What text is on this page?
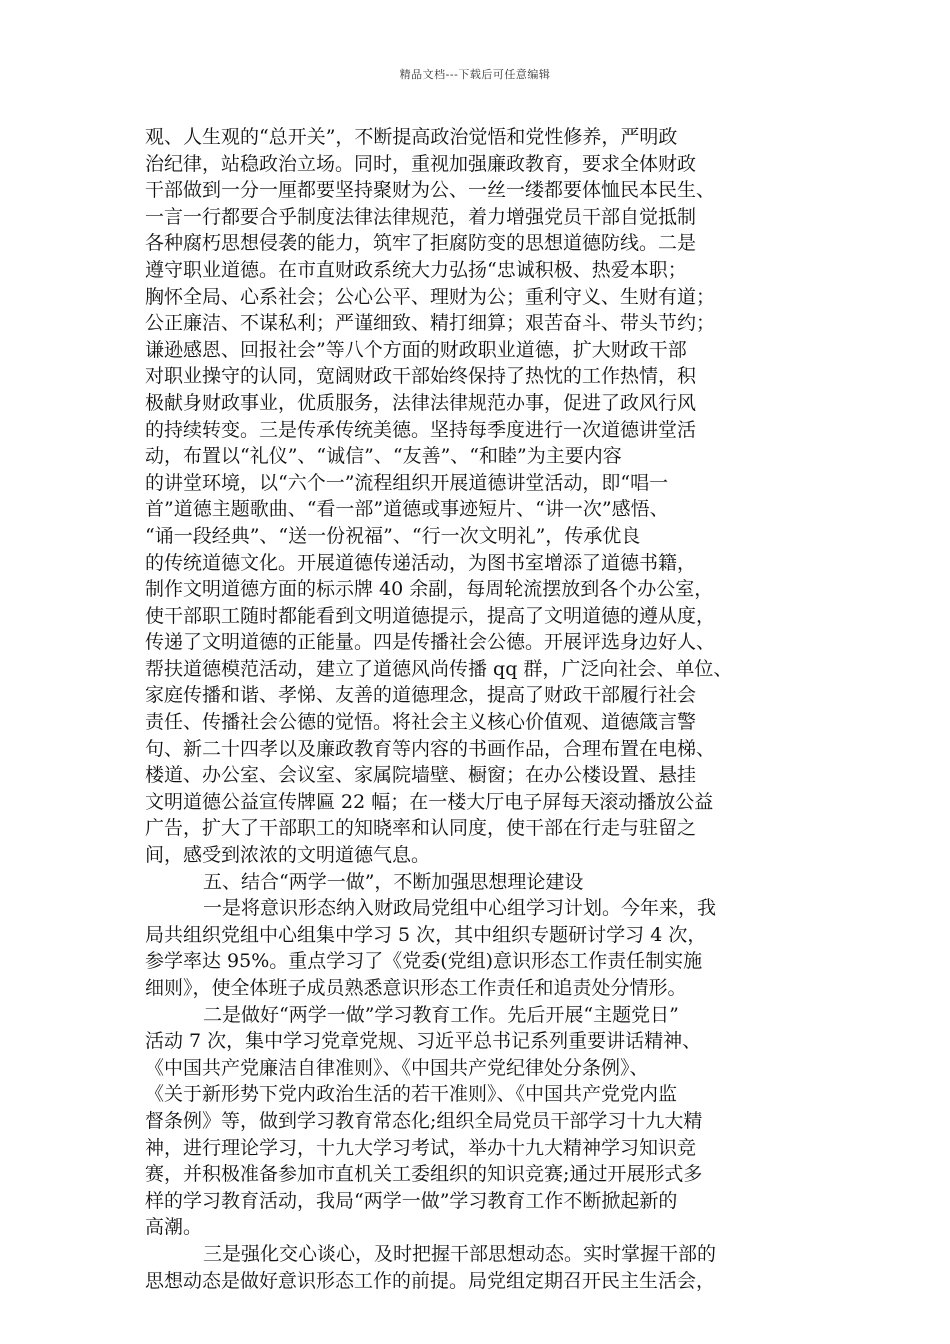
精品文档---下载后可任意编辑
观、人生观的“总开关”，不断提高政治觉悟和党性修养，严明政
治纪律，站稳政治立场。同时，重视加强廉政教育，要求全体财政
干部做到一分一厘都要坚持聚财为公、一丝一缕都要体恤民本民生、
一言一行都要合乎制度法律法律规范，着力增强党员干部自觉抵制
各种腐朽思想侵袭的能力，筑牢了拒腐防变的思想道德防线。二是
遵守职业道德。在市直财政系统大力弘扬“忠诚积极、热爱本职；
胸怀全局、心系社会；公心公平、理财为公；重利守义、生财有道；
公正廉洁、不谋私利；严谨细致、精打细算；艰苦奋斗、带头节约；
谦逊感恩、回报社会”等八个方面的财政职业道德，扩大财政干部
对职业操守的认同，宽阔财政干部始终保持了热忱的工作热情，积
极献身财政事业，优质服务，法律法律规范办事，促进了政风行风
的持续转变。三是传承传统美德。坚持每季度进行一次道德讲堂活
动，布置以“礼仪”、“诚信”、“友善”、“和睦”为主要内容
的讲堂环境，以“六个一”流程组织开展道德讲堂活动，即“唱一
首”道德主题歌曲、“看一部”道德或事迹短片、“讲一次”感悟、
“诵一段经典”、“送一份祝福”、“行一次文明礼”，传承优良
的传统道德文化。开展道德传递活动，为图书室增添了道德书籍，
制作文明道德方面的标示牌 40 余副，每周轮流摆放到各个办公室，
使干部职工随时都能看到文明道德提示，提高了文明道德的遵从度，
传递了文明道德的正能量。四是传播社会公德。开展评选身边好人、
帮扶道德模范活动，建立了道德风尚传播 qq 群，广泛向社会、单位、
家庭传播和谐、孝悌、友善的道德理念，提高了财政干部履行社会
责任、传播社会公德的觉悟。将社会主义核心价值观、道德箴言警
句、新二十四孝以及廉政教育等内容的书画作品，合理布置在电梯、
楼道、办公室、会议室、家属院墙壁、橱窗；在办公楼设置、悬挂
文明道德公益宣传牌匾 22 幅；在一楼大厅电子屏每天滚动播放公益
广告，扩大了干部职工的知晓率和认同度，使干部在行走与驻留之
间，感受到浓浓的文明道德气息。
五、结合“两学一做”，不断加强思想理论建设
一是将意识形态纳入财政局党组中心组学习计划。今年来，我
局共组织党组中心组集中学习 5 次，其中组织专题研讨学习 4 次，
参学率达 95%。重点学习了《党委(党组)意识形态工作责任制实施
细则》，使全体班子成员熟悉意识形态工作责任和追责处分情形。
二是做好“两学一做”学习教育工作。先后开展“主题党日”
活动 7 次，集中学习党章党规、习近平总书记系列重要讲话精神、
《中国共产党廉洁自律准则》、《中国共产党纪律处分条例》、
《关于新形势下党内政治生活的若干准则》、《中国共产党党内监
督条例》等，做到学习教育常态化;组织全局党员干部学习十九大精
神，进行理论学习，十九大学习考试，举办十九大精神学习知识竞
赛，并积极准备参加市直机关工委组织的知识竞赛;通过开展形式多
样的学习教育活动，我局“两学一做”学习教育工作不断掀起新的
高潮。
三是强化交心谈心，及时把握干部思想动态。实时掌握干部的
思想动态是做好意识形态工作的前提。局党组定期召开民主生活会，
